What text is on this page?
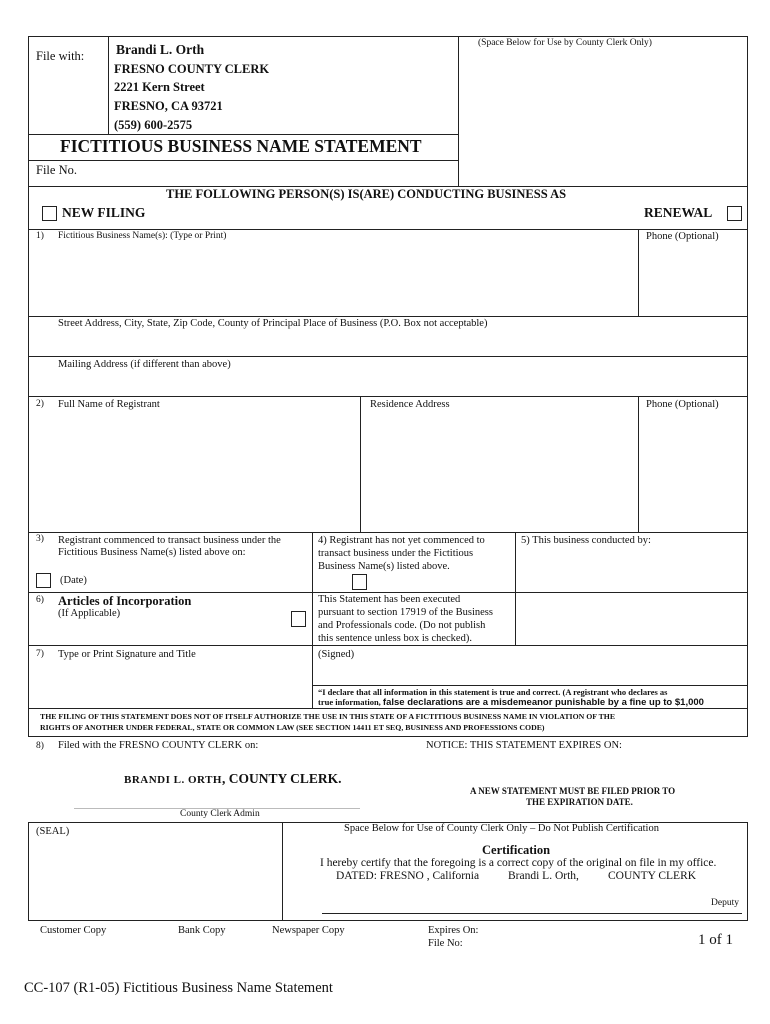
File with: Brandi L. Orth
FRESNO COUNTY CLERK
2221 Kern Street
FRESNO, CA 93721
(559) 600-2575
(Space Below for Use by County Clerk Only)
FICTITIOUS BUSINESS NAME STATEMENT
File No.
THE FOLLOWING PERSON(S) IS(ARE) CONDUCTING BUSINESS AS
NEW FILING	RENEWAL
1) Fictitious Business Name(s): (Type or Print)	Phone (Optional)
Street Address, City, State, Zip Code, County of Principal Place of Business (P.O. Box not acceptable)
Mailing Address (if different than above)
2) Full Name of Registrant	Residence Address	Phone (Optional)
3) Registrant commenced to transact business under the
Fictitious Business Name(s) listed above on:
(Date)
4) Registrant has not yet commenced to
transact business under the Fictitious
Business Name(s) listed above.
5) This business conducted by:
6) Articles of Incorporation
(If Applicable)
This Statement has been executed
pursuant to section 17919 of the Business
and Professionals code. (Do not publish
this sentence unless box is checked).
7) Type or Print Signature and Title	(Signed)
“I declare that all information in this statement is true and correct. (A registrant who declares as
true information, false declarations are a misdemeanor punishable by a fine up to $1,000
THE FILING OF THIS STATEMENT DOES NOT OF ITSELF AUTHORIZE THE USE IN THIS STATE OF A FICTITIOUS BUSINESS NAME IN VIOLATION OF THE
RIGHTS OF ANOTHER UNDER FEDERAL, STATE OR COMMON LAW (SEE SECTION 14411 ET SEQ, BUSINESS AND PROFESSIONS CODE)
8) Filed with the FRESNO COUNTY CLERK on:	NOTICE: THIS STATEMENT EXPIRES ON:
BRANDI L. ORTH, COUNTY CLERK.
County Clerk Admin
A NEW STATEMENT MUST BE FILED PRIOR TO
THE EXPIRATION DATE.
(SEAL)	Space Below for Use of County Clerk Only – Do Not Publish Certification
Certification
I hereby certify that the foregoing is a correct copy of the original on file in my office.
DATED: FRESNO , California	Brandi L. Orth,	COUNTY CLERK
Deputy
Customer Copy	Bank Copy	Newspaper Copy	Expires On:
File No:	1 of 1
CC-107 (R1-05) Fictitious Business Name Statement
